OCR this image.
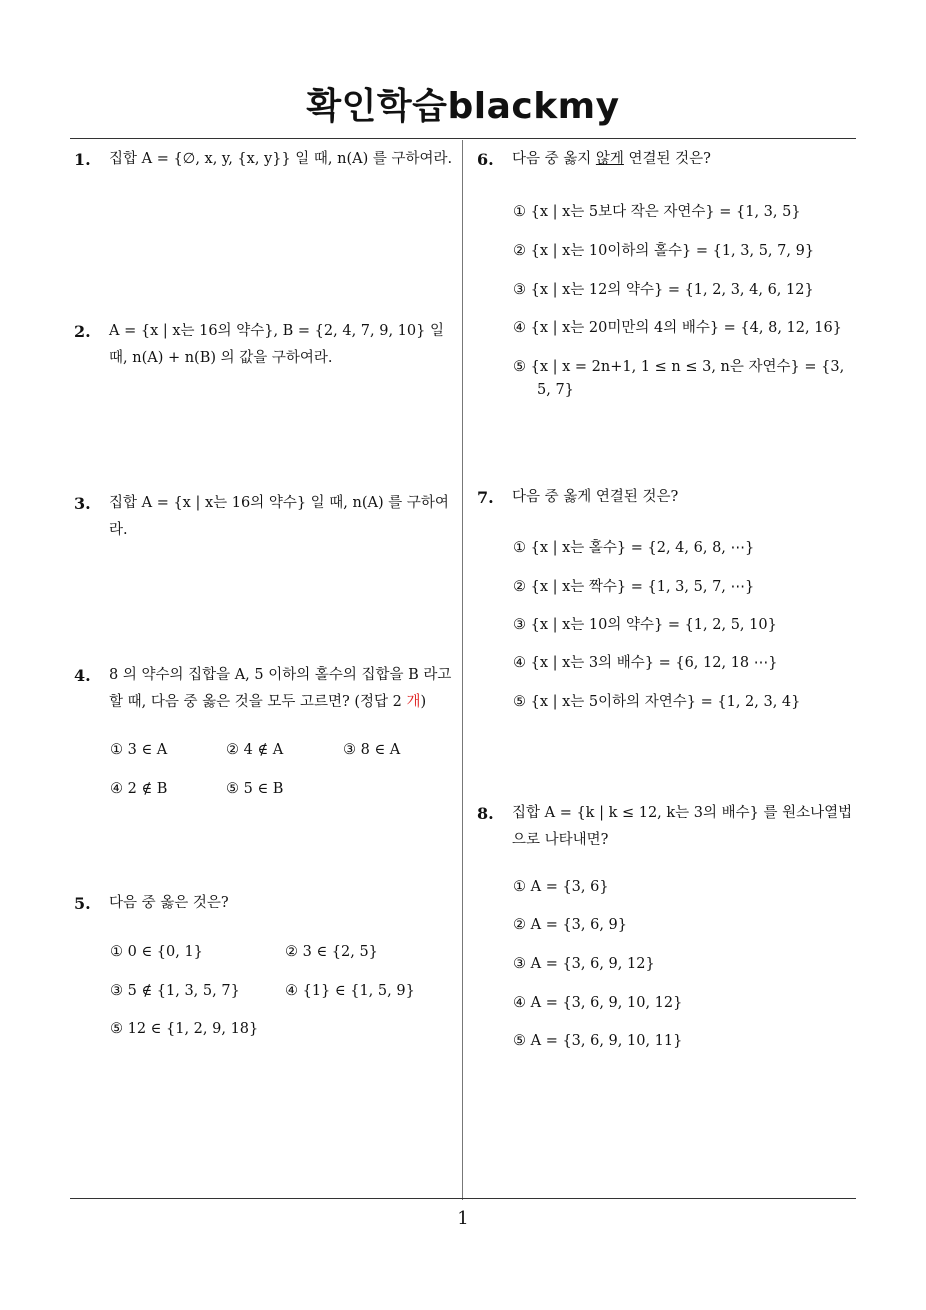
확인학습blackmy
1. 집합 A = {∅, x, y, {x, y}} 일 때, n(A) 를 구하여라.
2. A = {x | x는 16의 약수}, B = {2, 4, 7, 9, 10} 일 때, n(A) + n(B) 의 값을 구하여라.
3. 집합 A = {x | x는 16의 약수} 일 때, n(A) 를 구하여라.
4. 8 의 약수의 집합을 A, 5 이하의 홀수의 집합을 B 라고 할 때, 다음 중 옳은 것을 모두 고르면? (정답 2 개)
① 3 ∈ A	② 4 ∉ A	③ 8 ∈ A
④ 2 ∉ B	⑤ 5 ∈ B
5. 다음 중 옳은 것은?
① 0 ∈ {0, 1}	② 3 ∈ {2, 5}
③ 5 ∉ {1, 3, 5, 7}	④ {1} ∈ {1, 5, 9}
⑤ 12 ∈ {1, 2, 9, 18}
6. 다음 중 옳지 않게 연결된 것은?
① {x | x는 5보다 작은 자연수} = {1, 3, 5}
② {x | x는 10이하의 홀수} = {1, 3, 5, 7, 9}
③ {x | x는 12의 약수} = {1, 2, 3, 4, 6, 12}
④ {x | x는 20미만의 4의 배수} = {4, 8, 12, 16}
⑤ {x | x = 2n+1, 1 ≤ n ≤ 3, n은 자연수} = {3,
5, 7}
7. 다음 중 옳게 연결된 것은?
① {x | x는 홀수} = {2, 4, 6, 8, ⋯}
② {x | x는 짝수} = {1, 3, 5, 7, ⋯}
③ {x | x는 10의 약수} = {1, 2, 5, 10}
④ {x | x는 3의 배수} = {6, 12, 18 ⋯}
⑤ {x | x는 5이하의 자연수} = {1, 2, 3, 4}
8. 집합 A = {k | k ≤ 12, k는 3의 배수} 를 원소나열법으로 나타내면?
① A = {3, 6}
② A = {3, 6, 9}
③ A = {3, 6, 9, 12}
④ A = {3, 6, 9, 10, 12}
⑤ A = {3, 6, 9, 10, 11}
1
